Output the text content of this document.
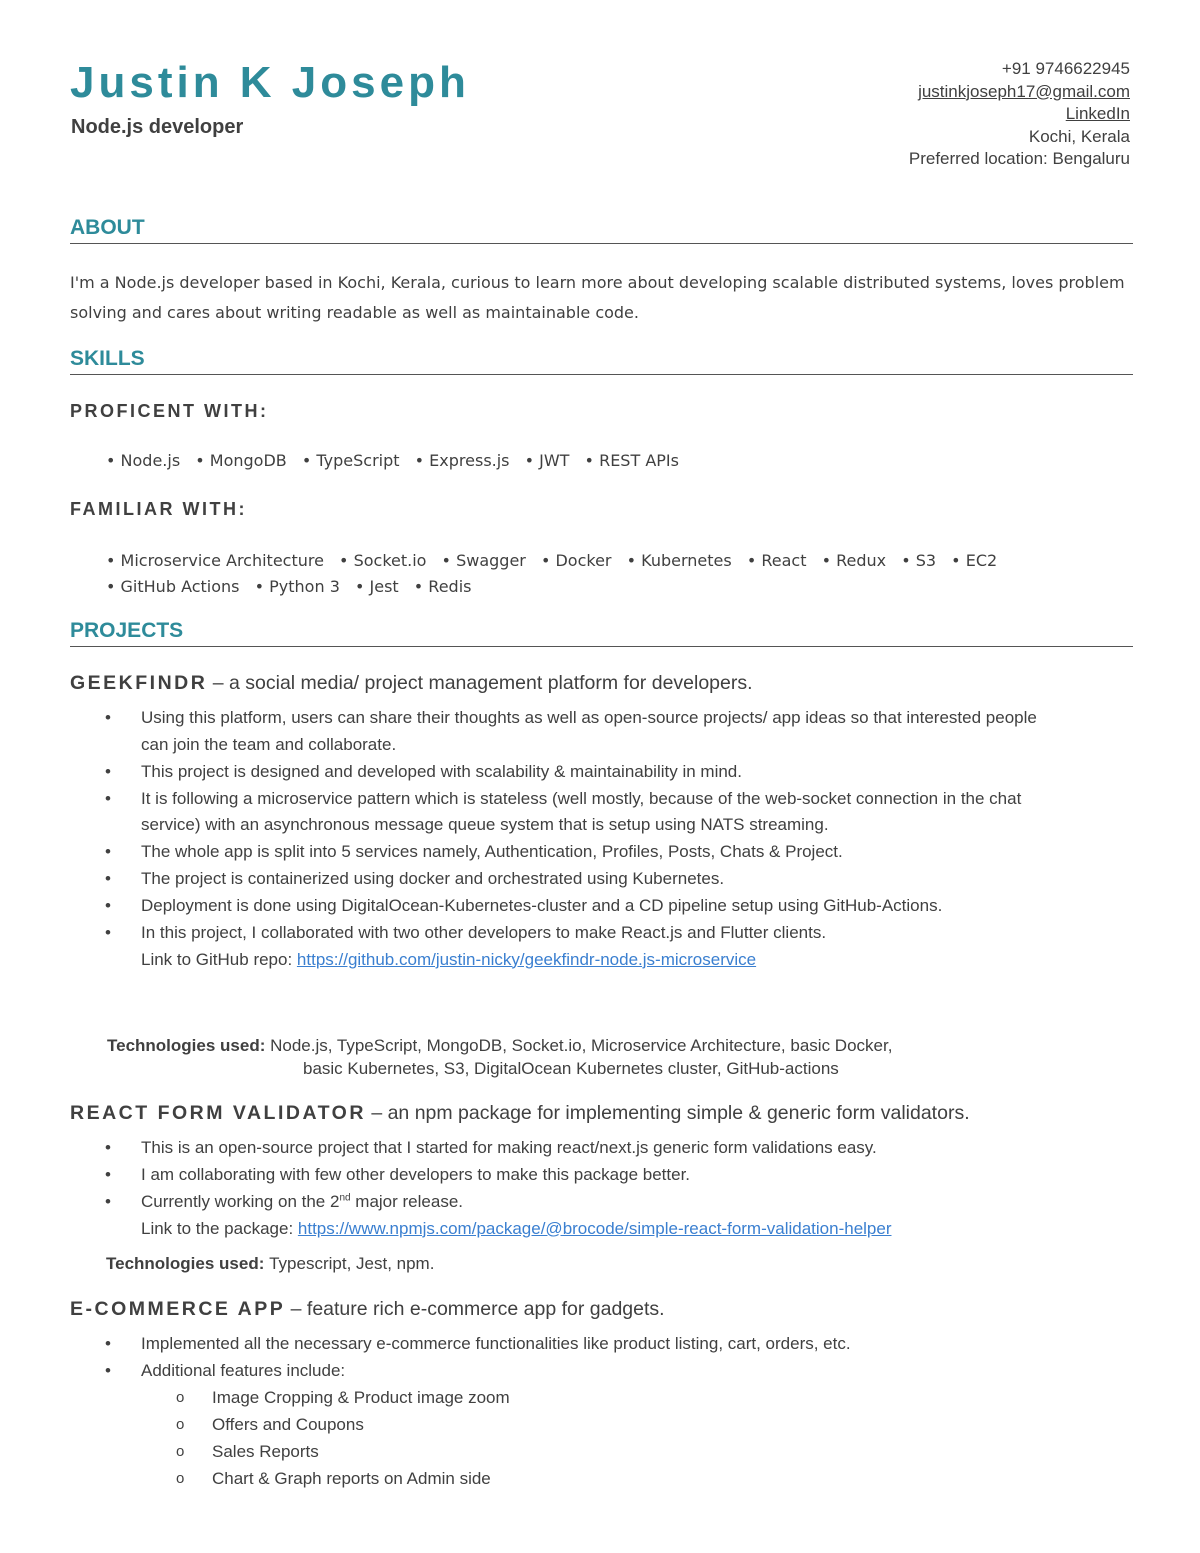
Justin K Joseph
Node.js developer
+91 9746622945
justinkjoseph17@gmail.com
LinkedIn
Kochi, Kerala
Preferred location: Bengaluru
ABOUT
I'm a Node.js developer based in Kochi, Kerala, curious to learn more about developing scalable distributed systems, loves problem solving and cares about writing readable as well as maintainable code.
SKILLS
PROFICENT WITH:
• Node.js • MongoDB • TypeScript • Express.js • JWT • REST APIs
FAMILIAR WITH:
• Microservice Architecture • Socket.io • Swagger • Docker • Kubernetes • React • Redux • S3 • EC2
• GitHub Actions • Python 3 • Jest • Redis
PROJECTS
GEEKFINDR – a social media/ project management platform for developers.
• Using this platform, users can share their thoughts as well as open-source projects/ app ideas so that interested people can join the team and collaborate.
• This project is designed and developed with scalability & maintainability in mind.
• It is following a microservice pattern which is stateless (well mostly, because of the web-socket connection in the chat service) with an asynchronous message queue system that is setup using NATS streaming.
• The whole app is split into 5 services namely, Authentication, Profiles, Posts, Chats & Project.
• The project is containerized using docker and orchestrated using Kubernetes.
• Deployment is done using DigitalOcean-Kubernetes-cluster and a CD pipeline setup using GitHub-Actions.
• In this project, I collaborated with two other developers to make React.js and Flutter clients.
Link to GitHub repo: https://github.com/justin-nicky/geekfindr-node.js-microservice
Technologies used: Node.js, TypeScript, MongoDB, Socket.io, Microservice Architecture, basic Docker,
basic Kubernetes, S3, DigitalOcean Kubernetes cluster, GitHub-actions
REACT FORM VALIDATOR – an npm package for implementing simple & generic form validators.
• This is an open-source project that I started for making react/next.js generic form validations easy.
• I am collaborating with few other developers to make this package better.
• Currently working on the 2nd major release.
Link to the package: https://www.npmjs.com/package/@brocode/simple-react-form-validation-helper
Technologies used: Typescript, Jest, npm.
E-COMMERCE APP – feature rich e-commerce app for gadgets.
• Implemented all the necessary e-commerce functionalities like product listing, cart, orders, etc.
• Additional features include:
o Image Cropping & Product image zoom
o Offers and Coupons
o Sales Reports
o Chart & Graph reports on Admin side
